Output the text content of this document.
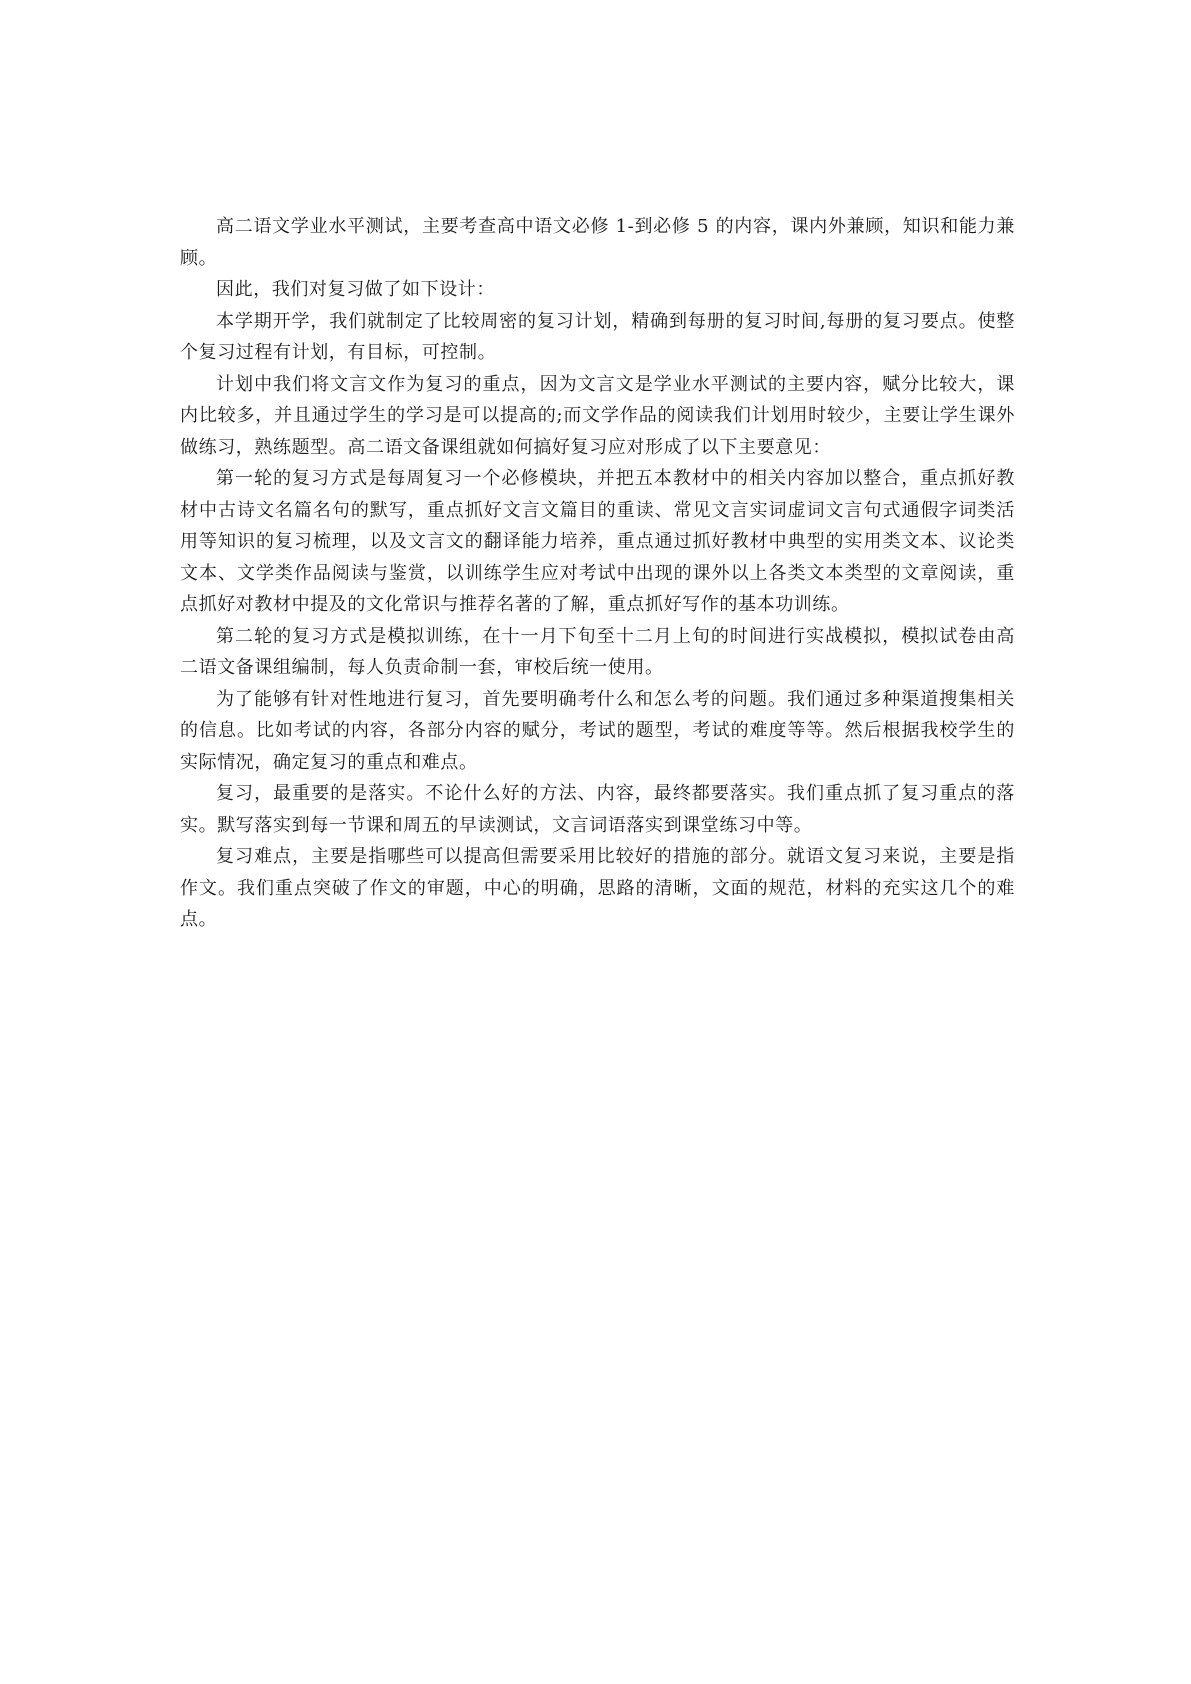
高二语文学业水平测试，主要考查高中语文必修 1-到必修 5 的内容，课内外兼顾，知识和能力兼顾。

因此，我们对复习做了如下设计：

本学期开学，我们就制定了比较周密的复习计划，精确到每册的复习时间,每册的复习要点。使整个复习过程有计划，有目标，可控制。

计划中我们将文言文作为复习的重点，因为文言文是学业水平测试的主要内容，赋分比较大，课内比较多，并且通过学生的学习是可以提高的;而文学作品的阅读我们计划用时较少，主要让学生课外做练习，熟练题型。高二语文备课组就如何搞好复习应对形成了以下主要意见：

第一轮的复习方式是每周复习一个必修模块，并把五本教材中的相关内容加以整合，重点抓好教材中古诗文名篇名句的默写，重点抓好文言文篇目的重读、常见文言实词虚词文言句式通假字词类活用等知识的复习梳理，以及文言文的翻译能力培养，重点通过抓好教材中典型的实用类文本、议论类文本、文学类作品阅读与鉴赏，以训练学生应对考试中出现的课外以上各类文本类型的文章阅读，重点抓好对教材中提及的文化常识与推荐名著的了解，重点抓好写作的基本功训练。

第二轮的复习方式是模拟训练，在十一月下旬至十二月上旬的时间进行实战模拟，模拟试卷由高二语文备课组编制，每人负责命制一套，审校后统一使用。

为了能够有针对性地进行复习，首先要明确考什么和怎么考的问题。我们通过多种渠道搜集相关的信息。比如考试的内容，各部分内容的赋分，考试的题型，考试的难度等等。然后根据我校学生的实际情况，确定复习的重点和难点。

复习，最重要的是落实。不论什么好的方法、内容，最终都要落实。我们重点抓了复习重点的落实。默写落实到每一节课和周五的早读测试，文言词语落实到课堂练习中等。

复习难点，主要是指哪些可以提高但需要采用比较好的措施的部分。就语文复习来说，主要是指作文。我们重点突破了作文的审题，中心的明确，思路的清晰，文面的规范，材料的充实这几个的难点。
